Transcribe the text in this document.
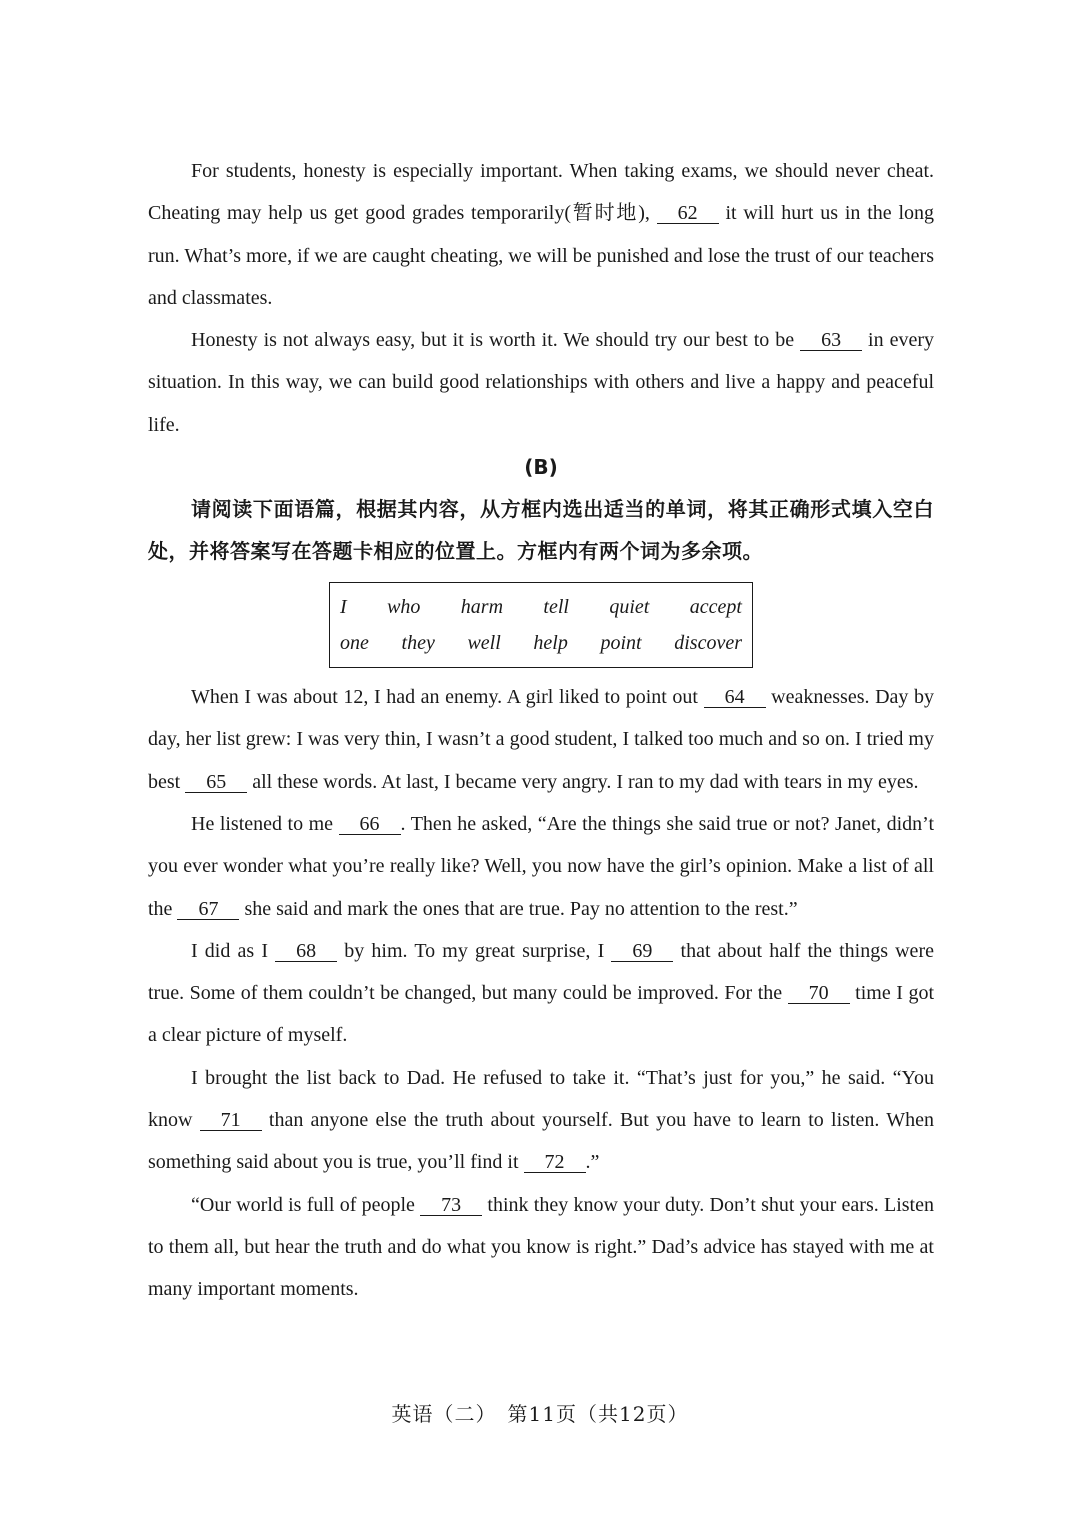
For students, honesty is especially important. When taking exams, we should never cheat. Cheating may help us get good grades temporarily(暂时地), 62 it will hurt us in the long run. What’s more, if we are caught cheating, we will be punished and lose the trust of our teachers and classmates.

Honesty is not always easy, but it is worth it. We should try our best to be 63 in every situation. In this way, we can build good relationships with others and live a happy and peaceful life.

(B)

请阅读下面语篇，根据其内容，从方框内选出适当的单词，将其正确形式填入空白处，并将答案写在答题卡相应的位置上。方框内有两个词为多余项。

I who harm tell quiet accept
one they well help point discover

When I was about 12, I had an enemy. A girl liked to point out 64 weaknesses. Day by day, her list grew: I was very thin, I wasn’t a good student, I talked too much and so on. I tried my best 65 all these words. At last, I became very angry. I ran to my dad with tears in my eyes.

He listened to me 66 . Then he asked, “Are the things she said true or not? Janet, didn’t you ever wonder what you’re really like? Well, you now have the girl’s opinion. Make a list of all the 67 she said and mark the ones that are true. Pay no attention to the rest.”

I did as I 68 by him. To my great surprise, I 69 that about half the things were true. Some of them couldn’t be changed, but many could be improved. For the 70 time I got a clear picture of myself.

I brought the list back to Dad. He refused to take it. “That’s just for you,” he said. “You know 71 than anyone else the truth about yourself. But you have to learn to listen. When something said about you is true, you’ll find it 72 .”

“Our world is full of people 73 think they know your duty. Don’t shut your ears. Listen to them all, but hear the truth and do what you know is right.” Dad’s advice has stayed with me at many important moments.

英语（二）　第11页（共12页）
